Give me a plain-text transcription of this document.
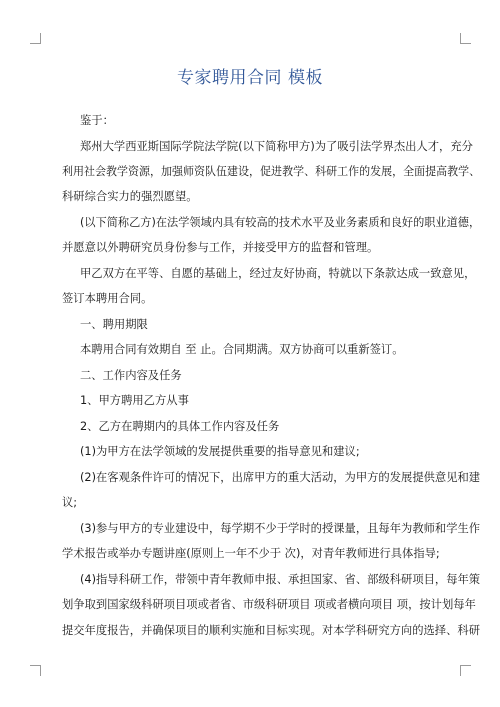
专家聘用合同 模板
鉴于：
郑州大学西亚斯国际学院法学院(以下简称甲方)为了吸引法学界杰出人才，充分
利用社会教学资源，加强师资队伍建设，促进教学、科研工作的发展，全面提高教学、
科研综合实力的强烈愿望。
(以下简称乙方)在法学领域内具有较高的技术水平及业务素质和良好的职业道德，
并愿意以外聘研究员身份参与工作，并接受甲方的监督和管理。
甲乙双方在平等、自愿的基础上，经过友好协商，特就以下条款达成一致意见，
签订本聘用合同。
一、聘用期限
本聘用合同有效期自 至 止。合同期满。双方协商可以重新签订。
二、工作内容及任务
1、甲方聘用乙方从事
2、乙方在聘期内的具体工作内容及任务
(1)为甲方在法学领域的发展提供重要的指导意见和建议;
(2)在客观条件许可的情况下，出席甲方的重大活动，为甲方的发展提供意见和建
议;
(3)参与甲方的专业建设中，每学期不少于学时的授课量，且每年为教师和学生作
学术报告或举办专题讲座(原则上一年不少于 次)，对青年教师进行具体指导;
(4)指导科研工作，带领中青年教师申报、承担国家、省、部级科研项目，每年策
划争取到国家级科研项目项或者省、市级科研项目 项或者横向项目 项，按计划每年
提交年度报告，并确保项目的顺利实施和目标实现。对本学科研究方向的选择、科研
